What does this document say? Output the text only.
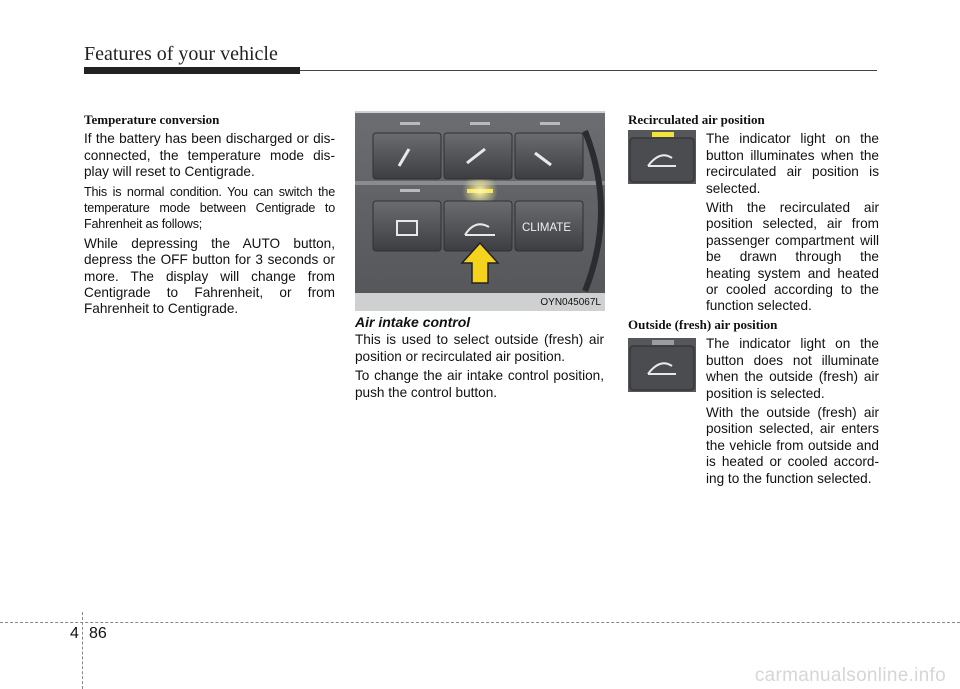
Features of your vehicle
Temperature conversion

If the battery has been discharged or dis-connected, the temperature mode dis-play will reset to Centigrade.

This is normal condition. You can switch the temperature mode between Centigrade to Fahrenheit as follows;

While depressing the AUTO button, depress the OFF button for 3 seconds or more. The display will change from Centigrade to Fahrenheit, or from Fahrenheit to Centigrade.

CLIMATE
OYN045067L
Air intake control

This is used to select outside (fresh) air position or recirculated air position.

To change the air intake control position, push the control button.

Recirculated air position

The indicator light on the button illuminates when the recirculated air position is selected.

With the recirculated air position selected, air from passenger compartment will be drawn through the heating system and heated or cooled according to the function selected.

Outside (fresh) air position

The indicator light on the button does not illuminate when the outside (fresh) air position is selected.

With the outside (fresh) air position selected, air enters the vehicle from outside and is heated or cooled accord-ing to the function selected.

4 86
carmanualsonline.info
